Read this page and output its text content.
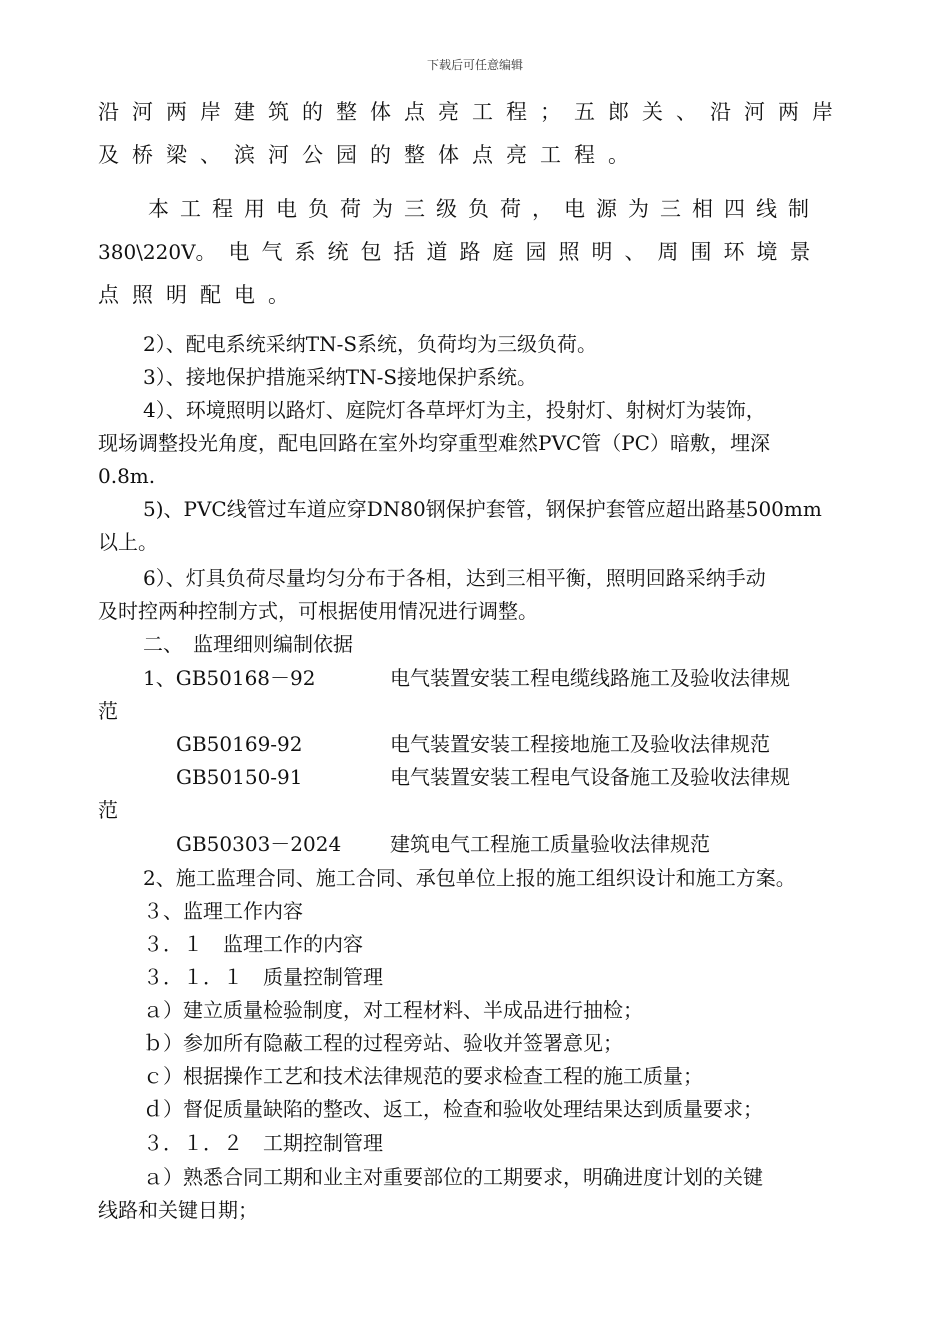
下载后可任意编辑
沿河两岸建筑的整体点亮工程；五郎关、沿河两岸
及桥梁、滨河公园的整体点亮工程。
本工程用电负荷为三级负荷，电源为三相四线制
380\220V。电气系统包括道路庭园照明、周围环境景
点照明配电。
2）、配电系统采纳TN-S系统，负荷均为三级负荷。
3）、接地保护措施采纳TN-S接地保护系统。
4）、环境照明以路灯、庭院灯各草坪灯为主，投射灯、射树灯为装饰，
现场调整投光角度，配电回路在室外均穿重型难然PVC管（PC）暗敷，埋深
0.8m.
5)、PVC线管过车道应穿DN80钢保护套管，钢保护套管应超出路基500mm
以上。
6）、灯具负荷尽量均匀分布于各相，达到三相平衡，照明回路采纳手动
及时控两种控制方式，可根据使用情况进行调整。
二、　监理细则编制依据
1、GB50168－92	电气装置安装工程电缆线路施工及验收法律规
范
GB50169-92	电气装置安装工程接地施工及验收法律规范
GB50150-91	电气装置安装工程电气设备施工及验收法律规
范
GB50303－2024 建筑电气工程施工质量验收法律规范
2、施工监理合同、施工合同、承包单位上报的施工组织设计和施工方案。
３、监理工作内容
３．１　监理工作的内容
３．１．１　质量控制管理
ａ）建立质量检验制度，对工程材料、半成品进行抽检；
ｂ）参加所有隐蔽工程的过程旁站、验收并签署意见；
ｃ）根据操作工艺和技术法律规范的要求检查工程的施工质量；
ｄ）督促质量缺陷的整改、返工，检查和验收处理结果达到质量要求；
３．１．２　工期控制管理
ａ）熟悉合同工期和业主对重要部位的工期要求，明确进度计划的关键
线路和关键日期；
